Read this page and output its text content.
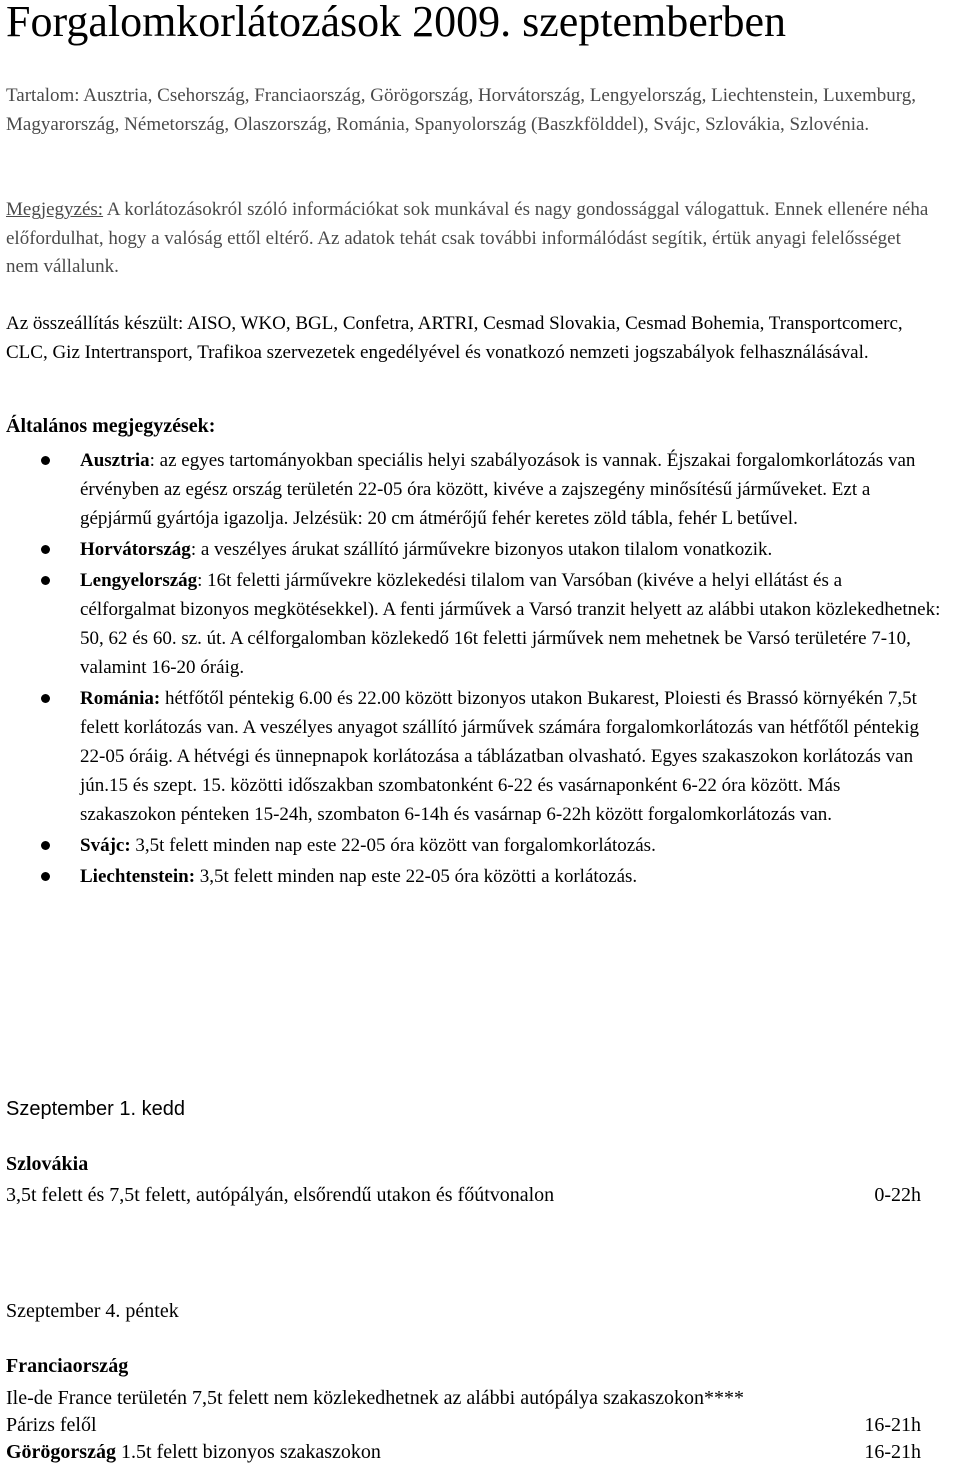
Forgalomkorlátozások 2009. szeptemberben
Tartalom: Ausztria, Csehország, Franciaország, Görögország, Horvátország, Lengyelország, Liechtenstein, Luxemburg, Magyarország, Németország, Olaszország, Románia, Spanyolország (Baszkfölddel), Svájc, Szlovákia, Szlovénia.
Megjegyzés: A korlátozásokról szóló információkat sok munkával és nagy gondossággal válogattuk. Ennek ellenére néha előfordulhat, hogy a valóság ettől eltérő. Az adatok tehát csak további informálódást segítik, értük anyagi felelősséget nem vállalunk.
Az összeállítás készült: AISO, WKO, BGL, Confetra, ARTRI, Cesmad Slovakia, Cesmad Bohemia, Transportcomerc, CLC, Giz Intertransport, Trafikoa szervezetek engedélyével és vonatkozó nemzeti jogszabályok felhasználásával.
Általános megjegyzések:
Ausztria: az egyes tartományokban speciális helyi szabályozások is vannak. Éjszakai forgalomkorlátozás van érvényben az egész ország területén 22-05 óra között, kivéve a zajszegény minősítésű járműveket. Ezt a gépjármű gyártója igazolja. Jelzésük: 20 cm átmérőjű fehér keretes zöld tábla, fehér L betűvel.
Horvátország: a veszélyes árukat szállító járművekre bizonyos utakon tilalom vonatkozik.
Lengyelország: 16t feletti járművekre közlekedési tilalom van Varsóban (kivéve a helyi ellátást és a célforgalmat bizonyos megkötésekkel). A fenti járművek a Varsó tranzit helyett az alábbi utakon közlekedhetnek: 50, 62 és 60. sz. út. A célforgalomban közlekedő 16t feletti járművek nem mehetnek be Varsó területére 7-10, valamint 16-20 óráig.
Románia: hétfőtől péntekig 6.00 és 22.00 között bizonyos utakon Bukarest, Ploiesti és Brassó környékén 7,5t felett korlátozás van. A veszélyes anyagot szállító járművek számára forgalomkorlátozás van hétfőtől péntekig 22-05 óráig. A hétvégi és ünnepnapok korlátozása a táblázatban olvasható. Egyes szakaszokon korlátozás van jún.15 és szept. 15. közötti időszakban szombatonként 6-22 és vasárnaponként 6-22 óra között. Más szakaszokon pénteken 15-24h, szombaton 6-14h és vasárnap 6-22h között forgalomkorlátozás van.
Svájc: 3,5t felett minden nap este 22-05 óra között van forgalomkorlátozás.
Liechtenstein: 3,5t felett minden nap este 22-05 óra közötti a korlátozás.
Szeptember 1. kedd
Szlovákia
3,5t felett és 7,5t felett, autópályán, elsőrendű utakon és főútvonalon	0-22h
Szeptember 4. péntek
Franciaország
Ile-de France területén 7,5t felett nem közlekedhetnek az alábbi autópálya szakaszokon****
Párizs felől	16-21h
Görögország 1.5t felett bizonyos szakaszokon	16-21h
